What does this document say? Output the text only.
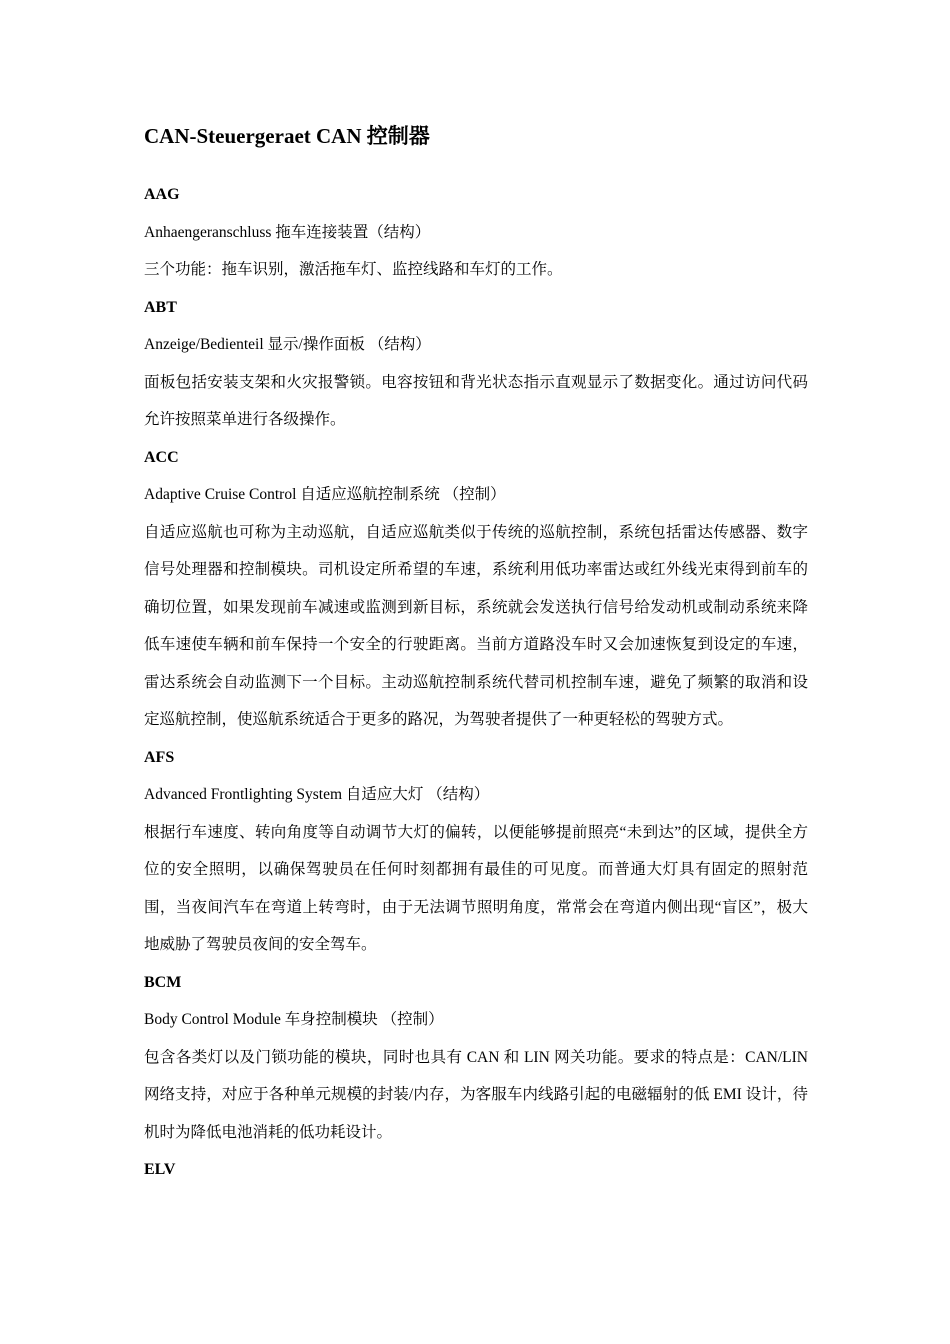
CAN-Steuergeraet CAN 控制器

AAG

Anhaengeranschluss 拖车连接装置（结构）

三个功能：拖车识别，激活拖车灯、监控线路和车灯的工作。

ABT

Anzeige/Bedienteil 显示/操作面板 （结构）

面板包括安装支架和火灾报警锁。电容按钮和背光状态指示直观显示了数据变化。通过访问代码允许按照菜单进行各级操作。

ACC

Adaptive Cruise Control 自适应巡航控制系统 （控制）

自适应巡航也可称为主动巡航，自适应巡航类似于传统的巡航控制，系统包括雷达传感器、数字信号处理器和控制模块。司机设定所希望的车速，系统利用低功率雷达或红外线光束得到前车的确切位置，如果发现前车减速或监测到新目标，系统就会发送执行信号给发动机或制动系统来降低车速使车辆和前车保持一个安全的行驶距离。当前方道路没车时又会加速恢复到设定的车速，雷达系统会自动监测下一个目标。主动巡航控制系统代替司机控制车速，避免了频繁的取消和设定巡航控制，使巡航系统适合于更多的路况，为驾驶者提供了一种更轻松的驾驶方式。

AFS

Advanced Frontlighting System 自适应大灯 （结构）

根据行车速度、转向角度等自动调节大灯的偏转，以便能够提前照亮“未到达”的区域，提供全方位的安全照明，以确保驾驶员在任何时刻都拥有最佳的可见度。而普通大灯具有固定的照射范围，当夜间汽车在弯道上转弯时，由于无法调节照明角度，常常会在弯道内侧出现“盲区”，极大地威胁了驾驶员夜间的安全驾车。

BCM

Body Control Module 车身控制模块 （控制）

包含各类灯以及门锁功能的模块，同时也具有 CAN 和 LIN 网关功能。要求的特点是：CAN/LIN 网络支持，对应于各种单元规模的封装/内存，为客服车内线路引起的电磁辐射的低 EMI 设计，待机时为降低电池消耗的低功耗设计。

ELV
